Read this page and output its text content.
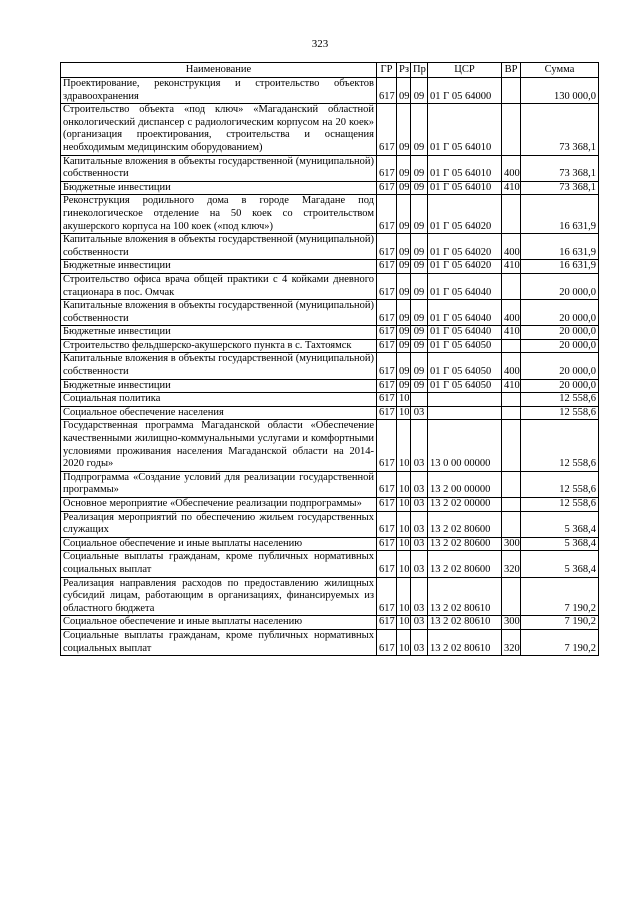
323
Наименование	ГР	Рз	Пр	ЦСР	ВР	Сумма
Проектирование, реконструкция и строительство объектов здравоохранения	617	09	09	01 Г 05 64000		130 000,0
Строительство объекта «под ключ» «Магаданский областной онкологический диспансер с радиологическим корпусом на 20 коек» (организация проектирования, строительства и оснащения необходимым медицинским оборудованием)	617	09	09	01 Г 05 64010		73 368,1
Капитальные вложения в объекты государственной (муниципальной) собственности	617	09	09	01 Г 05 64010	400	73 368,1
Бюджетные инвестиции	617	09	09	01 Г 05 64010	410	73 368,1
Реконструкция родильного дома в городе Магадане под гинекологическое отделение на 50 коек со строительством акушерского корпуса на 100 коек («под ключ»)	617	09	09	01 Г 05 64020		16 631,9
Капитальные вложения в объекты государственной (муниципальной) собственности	617	09	09	01 Г 05 64020	400	16 631,9
Бюджетные инвестиции	617	09	09	01 Г 05 64020	410	16 631,9
Строительство офиса врача общей практики с 4 койками дневного стационара в пос. Омчак	617	09	09	01 Г 05 64040		20 000,0
Капитальные вложения в объекты государственной (муниципальной) собственности	617	09	09	01 Г 05 64040	400	20 000,0
Бюджетные инвестиции	617	09	09	01 Г 05 64040	410	20 000,0
Строительство фельдшерско-акушерского пункта в с. Тахтоямск	617	09	09	01 Г 05 64050		20 000,0
Капитальные вложения в объекты государственной (муниципальной) собственности	617	09	09	01 Г 05 64050	400	20 000,0
Бюджетные инвестиции	617	09	09	01 Г 05 64050	410	20 000,0
Социальная политика	617	10				12 558,6
Социальное обеспечение населения	617	10	03			12 558,6
Государственная программа Магаданской области «Обеспечение качественными жилищно-коммунальными услугами и комфортными условиями проживания населения Магаданской области на 2014-2020 годы»	617	10	03	13 0 00 00000		12 558,6
Подпрограмма «Создание условий для реализации государственной программы»	617	10	03	13 2 00 00000		12 558,6
Основное мероприятие «Обеспечение реализации подпрограммы»	617	10	03	13 2 02 00000		12 558,6
Реализация мероприятий по обеспечению жильем государственных служащих	617	10	03	13 2 02 80600		5 368,4
Социальное обеспечение и иные выплаты населению	617	10	03	13 2 02 80600	300	5 368,4
Социальные выплаты гражданам, кроме публичных нормативных социальных выплат	617	10	03	13 2 02 80600	320	5 368,4
Реализация направления расходов по предоставлению жилищных субсидий лицам, работающим в организациях, финансируемых из областного бюджета	617	10	03	13 2 02 80610		7 190,2
Социальное обеспечение и иные выплаты населению	617	10	03	13 2 02 80610	300	7 190,2
Социальные выплаты гражданам, кроме публичных нормативных социальных выплат	617	10	03	13 2 02 80610	320	7 190,2
